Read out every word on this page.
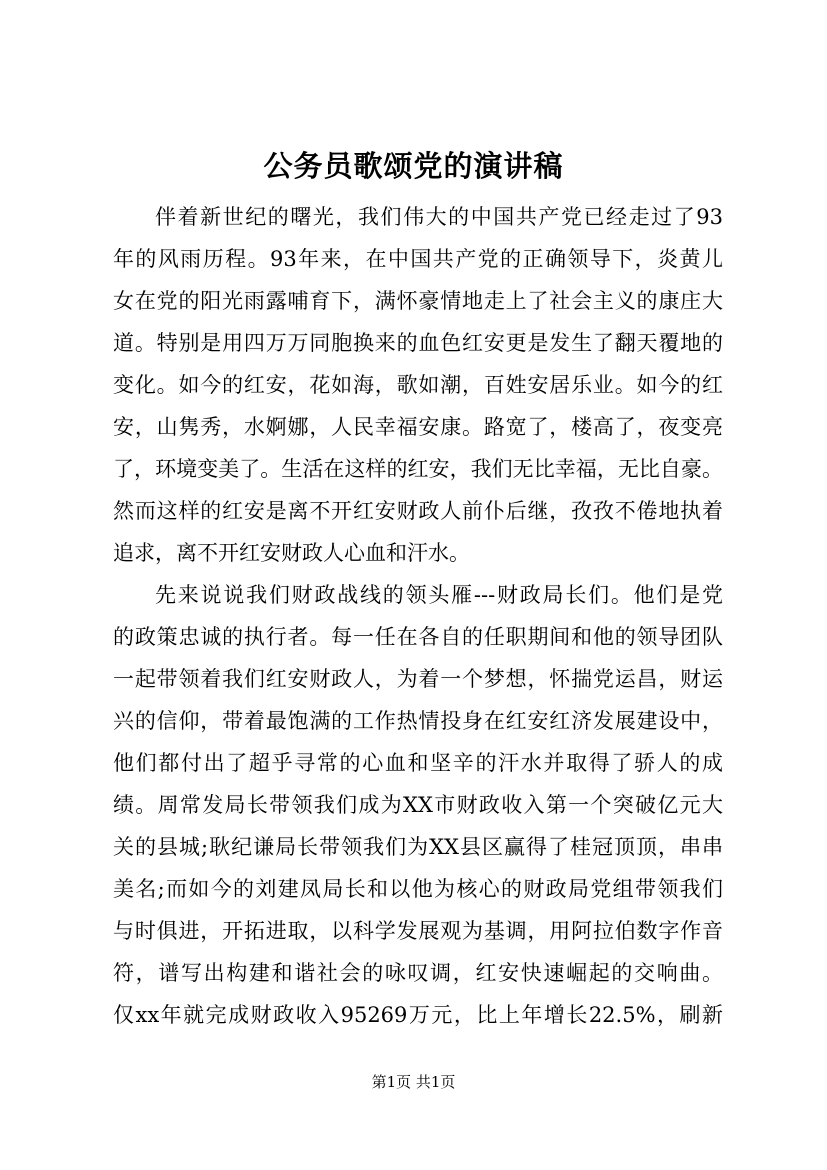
公务员歌颂党的演讲稿
伴着新世纪的曙光，我们伟大的中国共产党已经走过了93
年的风雨历程。93年来，在中国共产党的正确领导下，炎黄儿
女在党的阳光雨露哺育下，满怀豪情地走上了社会主义的康庄大
道。特别是用四万万同胞换来的血色红安更是发生了翻天覆地的
变化。如今的红安，花如海，歌如潮，百姓安居乐业。如今的红
安，山隽秀，水婀娜，人民幸福安康。路宽了，楼高了，夜变亮
了，环境变美了。生活在这样的红安，我们无比幸福，无比自豪。
然而这样的红安是离不开红安财政人前仆后继，孜孜不倦地执着
追求，离不开红安财政人心血和汗水。
先来说说我们财政战线的领头雁---财政局长们。他们是党
的政策忠诚的执行者。每一任在各自的任职期间和他的领导团队
一起带领着我们红安财政人，为着一个梦想，怀揣党运昌，财运
兴的信仰，带着最饱满的工作热情投身在红安红济发展建设中，
他们都付出了超乎寻常的心血和坚辛的汗水并取得了骄人的成
绩。周常发局长带领我们成为XX市财政收入第一个突破亿元大
关的县城;耿纪谦局长带领我们为XX县区赢得了桂冠顶顶，串串
美名;而如今的刘建凤局长和以他为核心的财政局党组带领我们
与时俱进，开拓进取，以科学发展观为基调，用阿拉伯数字作音
符，谱写出构建和谐社会的咏叹调，红安快速崛起的交响曲。
仅xx年就完成财政收入95269万元，比上年增长22.5%，刷新
第1页 共1页
